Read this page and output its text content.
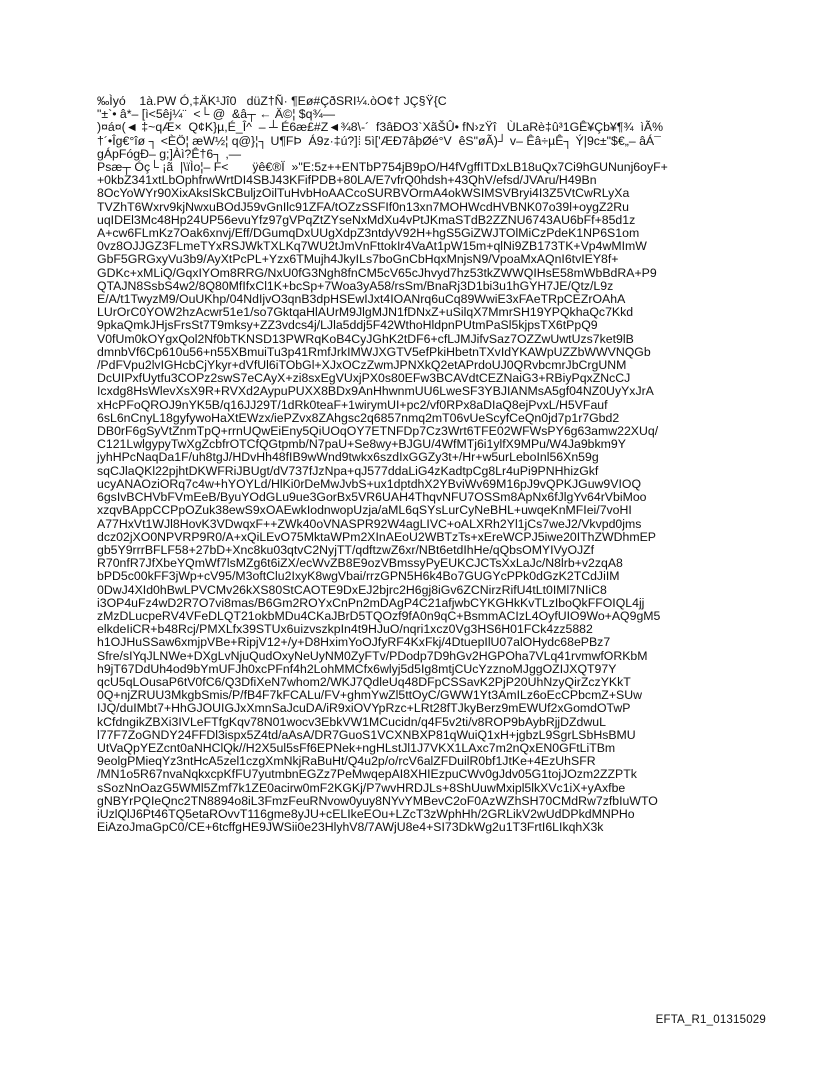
‰Ìyó    1à.PW Ó,‡ÄK¹Jî0   düZ†Ñ· ¶Eø#ÇðSRI¼.òO¢† JÇ§Ÿ{C
"±`• â*– [ì<5êj¼¨  <└ @  &â┬ ← Ä©¦ $q¾—
)¤á¤(◄ ‡~qÆ×  Q¢K}µ,É_Î^  – ┴ É6æ£#Z◄¾8\-´  f3âÐO3`XãŠÛ• fN›zŸî   ÙLaRè‡û³1GÊ¥Çb¥¶¾  ìÃ%
†´•Îg€°îø ┐ <ÈÖ¦ æW½¦ q@}¦┐ U¶FÞ  Á9z·‡ú?]⁞ 5ì['ÆÐ7âþØé°V  êS"øÃ)┘ v– Êâ÷µÊ┐ Ý|9c±"$€„– âÁ¯
gÁpFógÐ– g;]Àì?Ê†6┐ ,—
Psæ┬ Óç└ ¡ã  |\ïÌo¦– F<       ÿê€®Ï  »"E:5z++ENTbP754jB9pO/H4fVgffITDxLB18uQx7Ci9hGUNunj6oyF+
+0kbZ341xtLbOphfrwWrtDI4SBJ43KFifPDB+80LA/E7vfrQ0hdsh+43QhV/efsd/JVAru/H49Bn
8OcYoWYr90XixAksISkCBuljzOilTuHvbHoAACcoSURBVOrmA4okWSIMSVBryi4I3Z5VtCwRLyXa
TVZhT6Wxrv9kjNwxuBOdJ59vGnIlc91ZFA/tOZzSSFIf0n13xn7MOHWcdHVBNK07o39l+oygZ2Ru
uqIDEl3Mc48Hp24UP56evuYfz97gVPqZtZYseNxMdXu4vPtJKmaSTdB2ZZNU6743AU6bFf+85d1z
A+cw6FLmKz7Oak6xnvj/Eff/DGumqDxUUgXdpZ3ntdyV92H+hgS5GiZWJTOlMiCzPdeK1NP6S1om
0vz8OJJGZ3FLmeTYxRSJWkTXLKq7WU2tJmVnFttokIr4VaAt1pW15m+qlNi9ZB173TK+Vp4wMImW
GbF5GRGxyVu3b9/AyXtPcPL+Yzx6TMujh4JkyILs7boGnCbHqxMnjsN9/VpoaMxAQnI6tvIEY8f+
GDKc+xMLiQ/GqxIYOm8RRG/NxU0fG3Ngh8fnCM5cV65cJhvyd7hz53tkZWWQIHsE58mWbBdRA+P9
QTAJN8SsbS4w2/8Q80MfIfxCl1K+bcSp+7Woa3yA58/rsSm/BnaRj3D1bi3u1hGYH7JE/Qtz/L9z
E/A/t1TwyzM9/OuUKhp/04NdIjvO3qnB3dpHSEwIJxt4IOANrq6uCq89WwiE3xFAeTRpCEZrOAhA
LUrOrC0YOW2hzAcwr51e1/so7GktqaHlAUrM9JlgMJN1fDNxZ+uSilqX7MmrSH19YPQkhaQc7Kkd
9pkaQmkJHjsFrsSt7T9mksy+ZZ3vdcs4j/LJla5ddj5F42WthoHldpnPUtmPaSl5kjpsTX6tPpQ9
V0fUm0kOYgxQol2Nf0bTKNSD13PWRqKoB4CyJGhK2tDF6+cfLJMJifvSaz7OZZwUwtUzs7ket9lB
dmnbVf6Cp610u56+n55XBmuiTu3p41RmfJrkIMWJXGTV5efPkiHbetnTXvIdYKAWpUZZbWWVNQGb
/PdFVpu2lvIGHcbCjYkyr+dVfUl6iTObGl+XJxOCzZwmJPNXkQ2etAPrdoUJ0QRvbcmrJbCrgUNM
DcUIPxfUytfu3COPz2swS7eCAyX+zi8sxEgVUxjPX0s80EFw3BCAVdtCEZNaiG3+RBiyPqxZNcCJ
Icxdg8HsWlevXsX9R+RVXd2AypuPUXX8BDx9AnHhwnmUU6LweSF3YBJIANMsA5gf04NZ0UyYxJrA
xHcPFoQROJ9nYK5B/q16JJ29T/1dRk0teaF+1wirymUI+pc2/vf0RPx8aDIaQ8ejPvxL/H5VFauf
6sL6nCnyL18gyfywoHaXtEWzx/iePZvx8ZAhgsc2q6857nmq2mT06vUeScyfCeQn0jd7p1r7Gbd2
DB0rF6gSyVtZnmTpQ+rrnUQwEiEny5QiUOqOY7ETNFDp7Cz3Wrt6TFE02WFWsPY6g63amw22XUq/
C121LwlgypyTwXgZcbfrOTCfQGtpmb/N7paU+Se8wy+BJGU/4WfMTj6i1ylfX9MPu/W4Ja9bkm9Y
jyhHPcNaqDa1F/uh8tgJ/HDvHh48fIB9wWnd9twkx6szdIxGGZy3t+/Hr+w5urLeboInl56Xn59g
sqCJlaQKl22pjhtDKWFRiJBUgt/dV737fJzNpa+qJ577ddaLiG4zKadtpCg8Lr4uPi9PNHhizGkf
ucyANAOziORq7c4w+hYOYLd/HlKi0rDeMwJvbS+ux1dptdhX2YBviWv69M16pJ9vQPKJGuw9VIOQ
6gsIvBCHVbFVmEeB/ByuYOdGLu9ue3GorBx5VR6UAH4ThqvNFU7OSSm8ApNx6fJlgYv64rVbiMoo
xzqvBAppCCPpOZuk38ewS9xOAEwkIodnwopUzja/aML6qSYsLurCyNeBHL+uwqeKnMFIei/7voHI
A77HxVt1WJl8HovK3VDwqxF++ZWk40oVNASPR92W4agLIVC+oALXRh2Yl1jCs7weJ2/Vkvpd0jms
dcz02jXO0NPVRP9R0/A+xQiLEvO75MktaWPm2XInAEoU2WBTzTs+xEreWCPJ5iwe20IThZWDhmEP
gb5Y9rrrBFLF58+27bD+Xnc8ku03qtvC2NyjTT/qdftzwZ6xr/NBt6etdIhHe/qQbsOMYIVyOJZf
R70nfR7JfXbeYQmWf7lsMZg6t6iZX/ecWvZB8E9ozVBmssyPyEUKCJCTsXxLaJc/N8lrb+v2zqA8
bPD5c00kFF3jWp+cV95/M3oftClu2IxyK8wgVbai/rrzGPN5H6k4Bo7GUGYcPPk0dGzK2TCdJiIM
0DwJ4XId0hBwLPVCMv26kXS80StCAOTE9DxEJ2bjrc2H6gj8iGv6ZCNirzRifU4tLt0IMl7NIiC8
i3OP4uFz4wD2R7O7vi8mas/B6Gm2ROYxCnPn2mDAgP4C21afjwbCYKGHkKvTLzIboQkFFOIQL4jj
zMzDLucpeRV4VFeDLQT21okbMDu4CKaJBrD5TQOzf9fA0n9qC+BsmmACIzL4OyfUIO9Wo+AQ9gM5
elkdeIiCR+b48Rcj/PMXLfx39STUx6uizvszkpIn4t9HJuO/nqri1xcz0Vg3HS6H01FCk4zz5882
h1OJHuSSaw6xmjpVBe+RipjV12+/y+D8HximYoOJfyRF4KxFkj/4DtuepIlU07alOHydc68ePBz7
Sfre/sIYqJLNWe+DXgLvNjuQudOxyNeUyNM0ZyFTv/PDodp7D9hGv2HGPOha7VLq41rvmwfORKbM
h9jT67DdUh4od9bYmUFJh0xcPFnf4h2LohMMCfx6wlyj5d5Ig8mtjCUcYzznoMJggOZIJXQT97Y
qcU5qLOusaP6tV0fC6/Q3DfiXeN7whom2/WKJ7QdleUq48DFpCSSavK2PjP20UhNzyQirZczYKkT
0Q+njZRUU3MkgbSmis/P/fB4F7kFCALu/FV+ghmYwZl5ttOyC/GWW1Yt3AmILz6oEcCPbcmZ+SUw
IJQ/duIMbt7+HhGJOUIGJxXmnSaJcuDA/iR9xiOVYpRzc+LRt28fTJkyBerz9mEWUf2xGomdOTwP
kCfdngikZBXi3IVLeFTfgKqv78N01wocv3EbkVW1MCucidn/q4F5v2ti/v8ROP9bAybRjjDZdwuL
l77F7ZoGNDY24FFDl3ispx5Z4td/aAsA/DR7GuoS1VCXNBXP81qWuiQ1xH+jgbzL9SgrLSbHsBMU
UtVaQpYEZcnt0aNHClQk//H2X5ul5sFf6EPNek+ngHLstJl1J7VKX1LAxc7m2nQxEN0GFtLiTBm
9eolgPMieqYz3ntHcA5zel1czgXmNkjRaBuHt/Q4u2p/o/rcV6alZFDuilR0bf1JtKe+4EzUhSFR
/MN1o5R67nvaNqkxcpKfFU7yutmbnEGZz7PeMwqepAI8XHIEzpuCWv0gJdv05G1tojJOzm2ZZPTk
sSozNnOazG5WMl5Zmf7k1ZE0acirw0mF2KGKj/P7wvHRDJLs+8ShUuwMxipl5lkXVc1iX+yAxfbe
gNBYrPQIeQnc2TN8894o8iL3FmzFeuRNvow0yuy8NYvYMBevC2oF0AzWZhSH70CMdRw7zfbIuWTO
iUzlQlJ6Pt46TQ5etaROvvT116gme8yJU+cELIkeEOu+LZcT3zWphHh/2GRLikV2wUdDPkdMNPHo
EiAzoJmaGpC0/CE+6tcffgHE9JWSii0e23HlyhV8/7AWjU8e4+SI73DkWg2u1T3FrtI6LIkqhX3k
EFTA_R1_01315029
